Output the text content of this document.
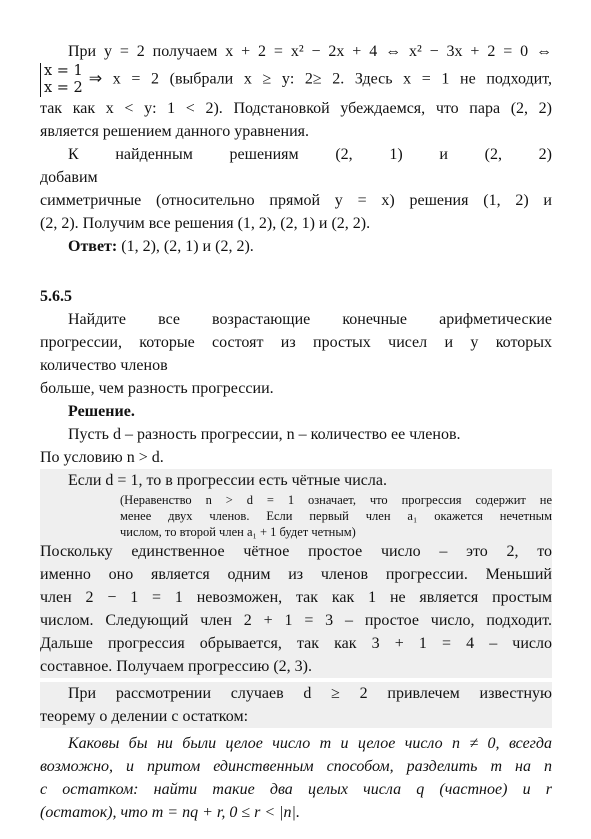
При y = 2 получаем x + 2 = x² − 2x + 4 ⇔ x² − 3x + 2 = 0 ⇔

x = 1
x = 2⇒ x = 2 (выбрали x ≥ y: 2≥ 2. Здесь x = 1 не подходит,

так как x < y: 1 < 2). Подстановкой убеждаемся, что пара (2, 2)

является решением данного уравнения.

К найденным решениям (2, 1) и (2, 2) добавим

симметричные (относительно прямой y = x) решения (1, 2) и

(2, 2). Получим все решения (1, 2), (2, 1) и (2, 2).

Ответ: (1, 2), (2, 1) и (2, 2).

5.6.5

Найдите все возрастающие конечные арифметические

прогрессии, которые состоят из простых чисел и у которых

количество членов

больше, чем разность прогрессии.

Решение.

Пусть d – разность прогрессии, n – количество ее членов.

По условию n > d.

Если d = 1, то в прогрессии есть чётные числа.

(Неравенство n > d = 1 означает, что прогрессия содержит не

менее двух членов. Если первый член a₁ окажется нечетным

числом, то второй член a₁ + 1 будет четным)

Поскольку единственное чётное простое число – это 2, то

именно оно является одним из членов прогрессии. Меньший

член 2 − 1 = 1 невозможен, так как 1 не является простым

числом. Следующий член 2 + 1 = 3 – простое число, подходит.

Дальше прогрессия обрывается, так как 3 + 1 = 4 – число

составное. Получаем прогрессию (2, 3).

При рассмотрении случаев d ≥ 2 привлечем известную

теорему о делении с остатком:

Каковы бы ни были целое число m и целое число n ≠ 0, всегда

возможно, и притом единственным способом, разделить m на n

с остатком: найти такие два целых числа q (частное) и r

(остаток), что m = nq + r, 0 ≤ r < |n|.
